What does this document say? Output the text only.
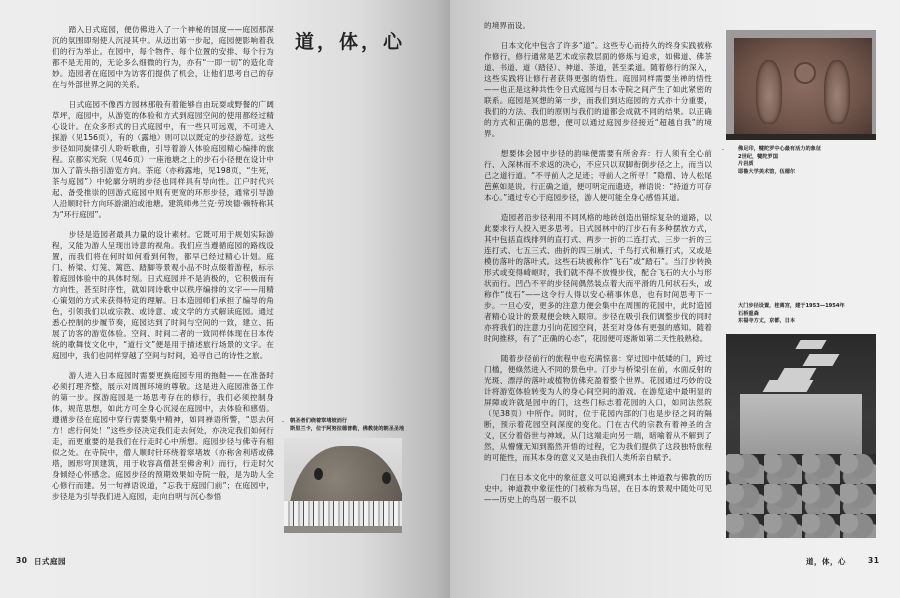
道，体，心

踏入日式庭园，便仿佛进入了一个神秘的国度——庭园那深沉的氛围即刻使人沉浸其中。从迈出第一步起，庭园便影响着我们的行为举止。在园中，每个物件、每个位置的安排、每个行为都不是无用的，无论多么细微的行为，亦有“一即一切”的造化奇妙。造园者在庭园中为访客们提供了机会，让他们思考自己的存在与外部世界之间的关系。

日式庭园不像西方园林那般有着能够自由玩耍或野餐的广阔草坪，庭园中，从游览的体验和方式到庭园空间的使用都经过精心设计。在众多形式的日式庭园中，有一些只可远观，不可进入探游（见156页），有的（露地）则可以以既定的步径游览。这些步径如同旋律引人聆听歌曲，引导着游人体验庭园精心编排的旅程。京都实光院（见46页）一座池塘之上的步石小径便在设计中加入了箭头指引游览方向。茶庭（亦称露地，见198页，“生死，茶与庭园”）中轮廓分明的步径也同样具有导向性。江户时代兴起、备受推崇的回游式庭园中则有更宽的环形步径，通常引导游人沿顺时针方向环游湖泊或池塘。建筑师弗兰克·劳埃德·赖特称其为“环行庭园”。

步径是造园者最具力量的设计素材。它既可用于规划实际游程，又能为游人呈现出诗意的视角。我们应当遵循庭园的路线设置，而我们将在何时如何看到何物，都早已经过精心计划。庭门、桥梁、灯笼、篱笆、踏脚等景观小品不时点缀着游程，标示着庭园体验中的具体时刻。日式庭园并不是消极的，它积极而有方向性，甚至时序性，就如同诗歌中以秩序编排的文字——用精心策划的方式来获得特定的理解。日本造园师们承担了编导的角色，引领我们以或宗教、或诗意、或文学的方式解读庭园。通过悉心控制的步履节奏，庭园达到了时间与空间的一致，建立、拓展了访客的游览体验。空间、时间二者的一致同样体现在日本传统的歌舞伎文化中，“道行文”便是用于描述旅行场景的文字。在庭园中，我们也同样穿越了空间与时间，追寻自己的诗性之旅。

游人进入日本庭园时需要更换庭园专用的拖鞋——在准备时必须打理齐整，展示对周围环境的尊敬。这是进入庭园准备工作的第一步。探游庭园是一场思考存在的修行，我们必须控制身体，规范思想，如此方可全身心沉浸在庭园中，去体验和感悟。遵循步径在庭园中穿行需要集中精神，如同禅语所警，“思去何方！虑行何处！”这些步径决定我们走去何处，亦决定我们如何行走，而更重要的是我们在行走时心中所想。庭园步径与佛寺有相似之处。在寺院中，僧人顺时针环绕着窣堵坡（亦称舍利塔或佛塔，圆形穹顶建筑，用于收容高僧甚至佛舍利）而行，行走时欠身倾经心怀感念。庭园步径的预期效果如寺院一般，是为助人全心修行而建。另一句禅语说道，“忘我于庭园门前”；在庭园中，步径是为引导我们进入庭园，走向自明与沉心参悟

- 朝圣者们绕着窣堵坡而行
斯里兰卡，位于阿努拉德普勒，佛教徒的朝圣圣地
30 日式庭园

的境界而设。

日本文化中包含了许多“道”。这些专心而持久的终身实践被称作修行，修行通常是艺术或宗教层面的修炼与追求，如佛道、佛茶道、书道、道（踏径）、神道、茶道，甚至柔道。随着修行的深入，这些实践将让修行者获得更强的悟性。庭园同样需要坐禅的悟性——也正是这种共性令日式庭园与日本寺院之间产生了如此紧密的联系。庭园是冥想的第一步，而我们到达庭园的方式亦十分重要，我们的方法、我们的原则与我们的道都会成就不同的结果。以正确的方式和正确的思想，便可以通过庭园步径接近“超越自我”的境界。

想要体会园中步径的韵味便需要有所舍弃：行人须有全心前行、入深林而不求返的决心，不应只以双脚衔倒步径之上，而当以己之道行道。“不寻前人之足迹；寻前人之所寻！”隐僧、诗人松尾芭蕉如是说。行正确之道，便可明定而遗迹，禅语说：“持道方可存本心。”通过专心于庭园步径，游人便可能全身心感悟其道。

造园者沿步径利用不同风格的地砖创造出错综复杂的道路，以此要求行人投入更多思考。日式园林中的汀步石有多种摆放方式，其中包括直线排列的直打式、两步一折的二连打式、三步一折的三连打式、七五三式、曲折的四三崩式、千鸟打式和雁打式，又或是模仿落叶的落叶式。这些石块被称作“飞石”或“踏石”。当汀步转换形式或变得崎岖时，我们就不得不放慢步伐，配合飞石的大小与形状而行。凹凸不平的步径间偶然装点着大而平滑的几何状石头，或称作“伎石”——这令行人得以安心稍事休息，也有时间思考下一步。一旦心安，更多的注意力便会集中在周围的花园中，此时造园者精心设计的景观便会映入眼帘。步径在吸引我们调整步伐的同时亦将我们的注意力引向花园空间，甚至对身体有更强的感知。随着时间推移，有了“正确的心态”，花园便可逐渐如第二天性般熟稔。

随着步径前行的旅程中也充满惊喜：穿过园中低矮的门，跨过门槛，便倏然进入不同的景色中。汀步与桥梁引在前，水面反射的光斑、漂浮的落叶或植物仿佛充盈着整个世界。花园通过巧妙的设计将游览体验转变为人的身心间空间的游戏。在游览途中最明显的屏障或许就是园中的门，这些门标志着花园的入口，如同法然院（见38页）中所作。同时，位于花园内部的门也是步径之间的隔断，预示着花园空间深度的变化。门在古代的宗教有着神圣的含义，区分着俗世与神域。从门这端走向另一端，暗喻着从不解到了然，从懵懂无知到豁然开悟的过程，它为我们提供了这段独特旅程的可能性，而其本身的意义又是由我们人类所亲自赋予。

门在日本文化中的象征意义可以追溯到本土神道教与佛教的历史中。神道教中象征性的门被称为鸟居，在日本的景观中随处可见——历史上的鸟居一般不以

-	佛足印，犍陀罗中心最有活力的象征
2世纪，犍陀罗国
片岩质
耶鲁大学美术馆，伍德尔
大门步径设置，桂离宫，建于1953—1954年
石桥重森
东福寺方丈，京都，日本
道，体，心	31
